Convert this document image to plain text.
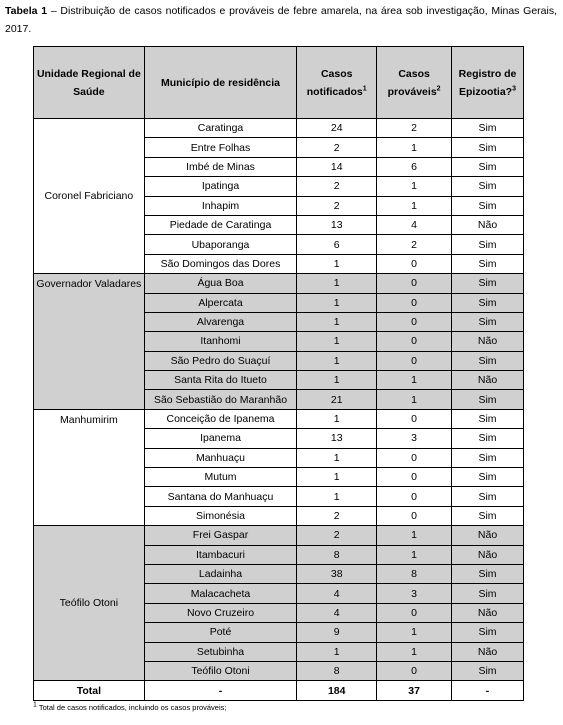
Tabela 1 – Distribuição de casos notificados e prováveis de febre amarela, na área sob investigação, Minas Gerais, 2017.
Unidade Regional de Saúde	Município de residência	Casos notificados$^1$	Casos prováveis$^2$	Registro de Epizootia?$^3$
Coronel Fabriciano	Caratinga	24	2	Sim
	Entre Folhas	2	1	Sim
	Imbé de Minas	14	6	Sim
	Ipatinga	2	1	Sim
	Inhapim	2	1	Sim
	Piedade de Caratinga	13	4	Não
	Ubaporanga	6	2	Sim
	São Domingos das Dores	1	0	Sim
Governador Valadares	Água Boa	1	0	Sim
	Alpercata	1	0	Sim
	Alvarenga	1	0	Sim
	Itanhomi	1	0	Não
	São Pedro do Suaçuí	1	0	Sim
	Santa Rita do Itueto	1	1	Não
	São Sebastião do Maranhão	21	1	Sim
Manhumirim	Conceição de Ipanema	1	0	Sim
	Ipanema	13	3	Sim
	Manhuaçu	1	0	Sim
	Mutum	1	0	Sim
	Santana do Manhuaçu	1	0	Sim
	Simonésia	2	0	Sim
Teófilo Otoni	Frei Gaspar	2	1	Não
	Itambacuri	8	1	Não
	Ladainha	38	8	Sim
	Malacacheta	4	3	Sim
	Novo Cruzeiro	4	0	Não
	Poté	9	1	Sim
	Setubinha	1	1	Não
	Teófilo Otoni	8	0	Sim
Total	-	184	37	-
$^1$ Total de casos notificados, incluindo os casos prováveis;
